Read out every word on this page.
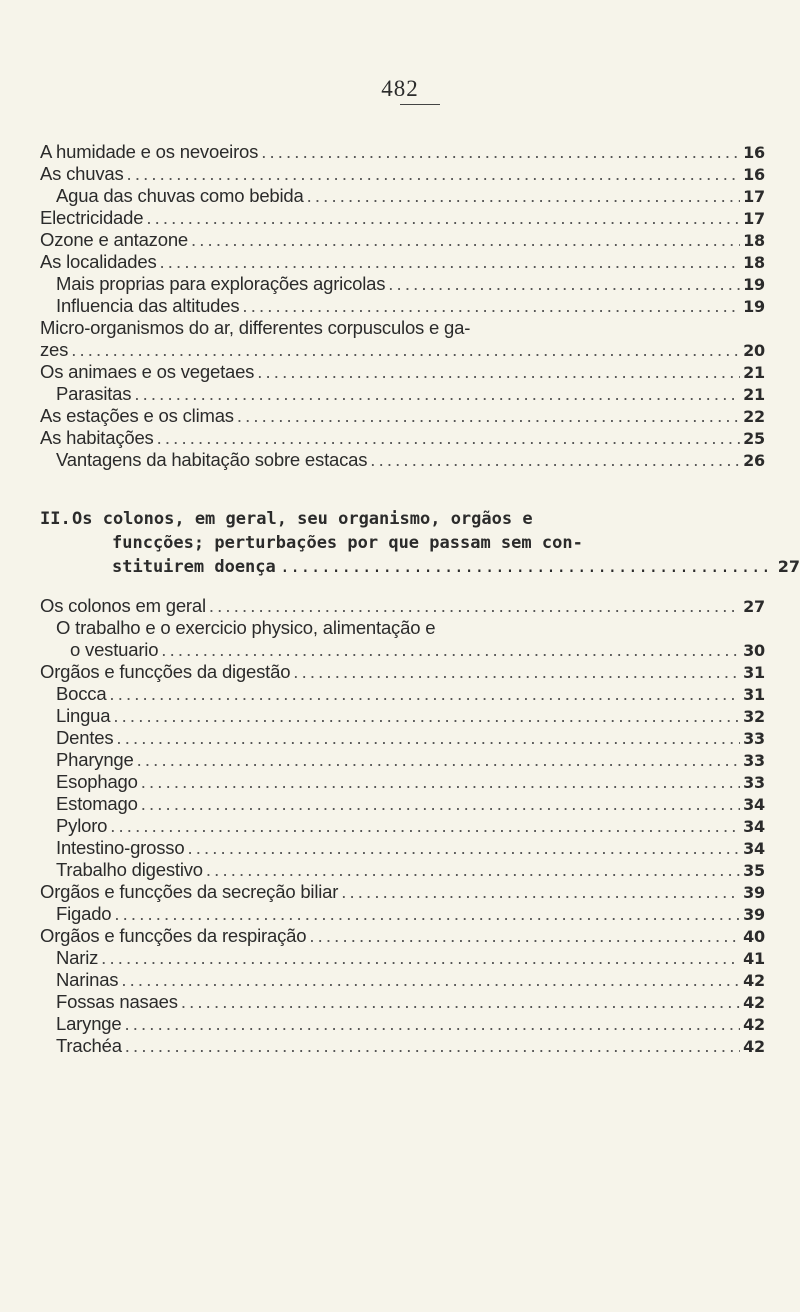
482
A humidade e os nevoeiros . . .	16
As chuvas . . .	16
Agua das chuvas como bebida . . .	17
Electricidade . . .	17
Ozone e antazone . . .	18
As localidades . . .	18
Mais proprias para explorações agricolas . . .	19
Influencia das altitudes . . .	19
Micro-organismos do ar, differentes corpusculos e ga-
zes . . .	20
Os animaes e os vegetaes . . .	21
Parasitas . . .	21
As estações e os climas . . .	22
As habitações . . .	25
Vantagens da habitação sobre estacas . . .	26
II. Os colonos, em geral, seu organismo, orgãos e
funcções; perturbações por que passam sem con-
stituirem doença .....	27
Os colonos em geral . . .	27
O trabalho e o exercicio physico, alimentação e
o vestuario . . .	30
Orgãos e funcções da digestão . . .	31
Bocca . . .	31
Lingua . . .	32
Dentes . . .	33
Pharynge . . .	33
Esophago . . .	33
Estomago . . .	34
Pyloro . . .	34
Intestino-grosso . . .	34
Trabalho digestivo . . .	35
Orgãos e funcções da secreção biliar . . .	39
Figado . . .	39
Orgãos e funcções da respiração . . .	40
Nariz . . .	41
Narinas . . .	42
Fossas nasaes . . .	42
Larynge . . .	42
Trachéa . . .	42
